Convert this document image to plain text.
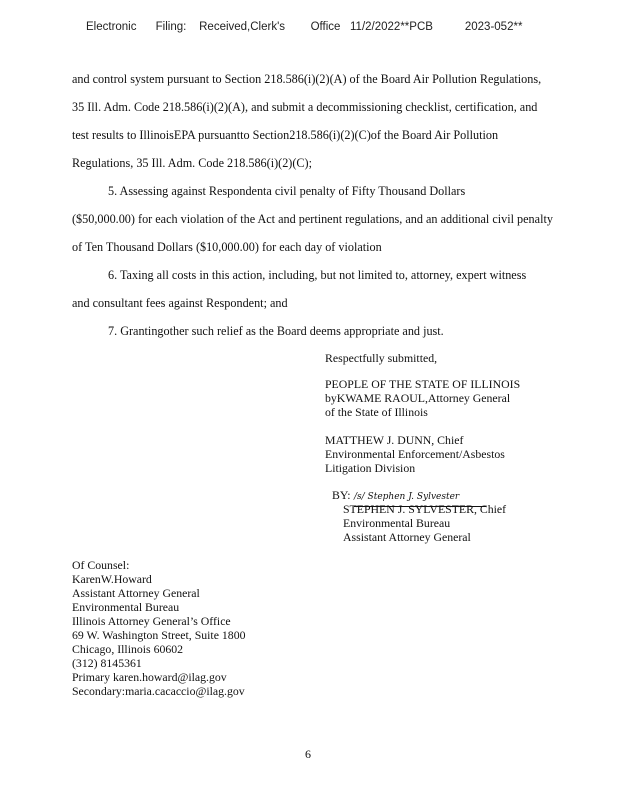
Electronic      Filing:    Received,Clerk's        Office   11/2/2022**PCB          2023-052**
and control system pursuant to Section 218.586(i)(2)(A) of the Board Air Pollution Regulations,
35 Ill. Adm. Code 218.586(i)(2)(A), and submit a decommissioning checklist, certification, and
test results to IllinoisEPA pursuantto Section218.586(i)(2)(C)of the Board Air Pollution
Regulations, 35 Ill. Adm. Code 218.586(i)(2)(C);
5. Assessing against Respondenta civil penalty of Fifty Thousand Dollars
($50,000.00) for each violation of the Act and pertinent regulations, and an additional civil penalty
of Ten Thousand Dollars ($10,000.00) for each day of violation
6. Taxing all costs in this action, including, but not limited to, attorney, expert witness
and consultant fees against Respondent; and
7. Grantingother such relief as the Board deems appropriate and just.
Respectfully submitted,
PEOPLE OF THE STATE OF ILLINOIS
byKWAME RAOUL,Attorney General
of the State of Illinois
MATTHEW J. DUNN, Chief
Environmental Enforcement/Asbestos
Litigation Division
BY: /s/ Stephen J. Sylvester
STEPHEN J. SYLVESTER, Chief
Environmental Bureau
Assistant Attorney General
Of Counsel:
KarenW.Howard
Assistant Attorney General
Environmental Bureau
Illinois Attorney General’s Office
69 W. Washington Street, Suite 1800
Chicago, Illinois 60602
(312) 8145361
Primary karen.howard@ilag.gov
Secondary:maria.cacaccio@ilag.gov
6
